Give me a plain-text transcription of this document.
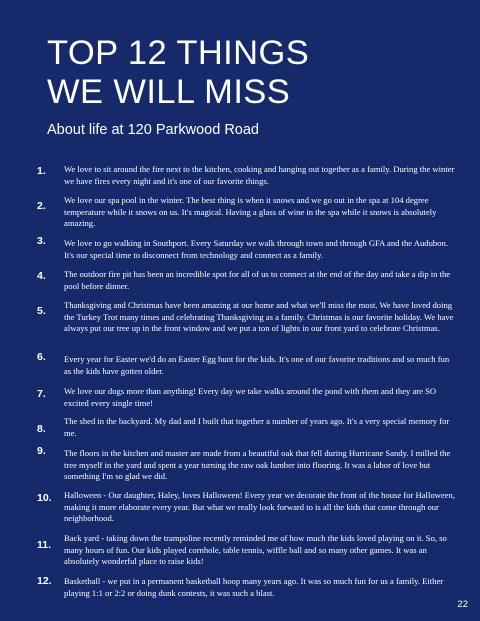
TOP 12 THINGS
WE WILL MISS

About life at 120 Parkwood Road

1.	We love to sit around the fire next to the kitchen, cooking and hanging out together as a family. During the winter we have fires every night and it's one of our favorite things.
2.	We love our spa pool in the winter. The best thing is when it snows and we go out in the spa at 104 degree temperature while it snows on us. It's magical. Having a glass of wine in the spa while it snows is absolutely amazing.
3.	We love to go walking in Southport. Every Saturday we walk through town and through GFA and the Audubon. It's our special time to disconnect from technology and connect as a family.
4.	The outdoor fire pit has been an incredible spot for all of us to connect at the end of the day and take a dip in the pool before dinner.
5.	Thanksgiving and Christmas have been amazing at our home and what we'll miss the most. We have loved doing the Turkey Trot many times and celebrating Thanksgiving as a family. Christmas is our favorite holiday. We have always put our tree up in the front window and we put a ton of lights in our front yard to celebrate Christmas.
6.	Every year for Easter we'd do an Easter Egg hunt for the kids. It's one of our favorite traditions and so much fun as the kids have gotten older.
7.	We love our dogs more than anything! Every day we take walks around the pond with them and they are SO excited every single time!
8.
The shed in the backyard. My dad and I built that together a number of years ago. It's a very special memory for me.
9.	The floors in the kitchen and master are made from a beautiful oak that fell during Hurricane Sandy. I milled the tree myself in the yard and spent a year turning the raw oak lumber into flooring. It was a labor of love but something I'm so glad we did.
10.	Halloween - Our daughter, Haley, loves Halloween! Every year we decorate the front of the house for Halloween, making it more elaborate every year. But what we really look forward to is all the kids that come through our neighborhood.
11.
Back yard - taking down the trampoline recently reminded me of how much the kids loved playing on it. So, so many hours of fun. Our kids played cornhole, table tennis, wiffle ball and so many other games. It was an absolutely wonderful place to raise kids!
12.	Basketball - we put in a permanent basketball hoop many years ago. It was so much fun for us a family. Either playing 1:1 or 2:2 or doing dunk contests, it was such a blast.
22
